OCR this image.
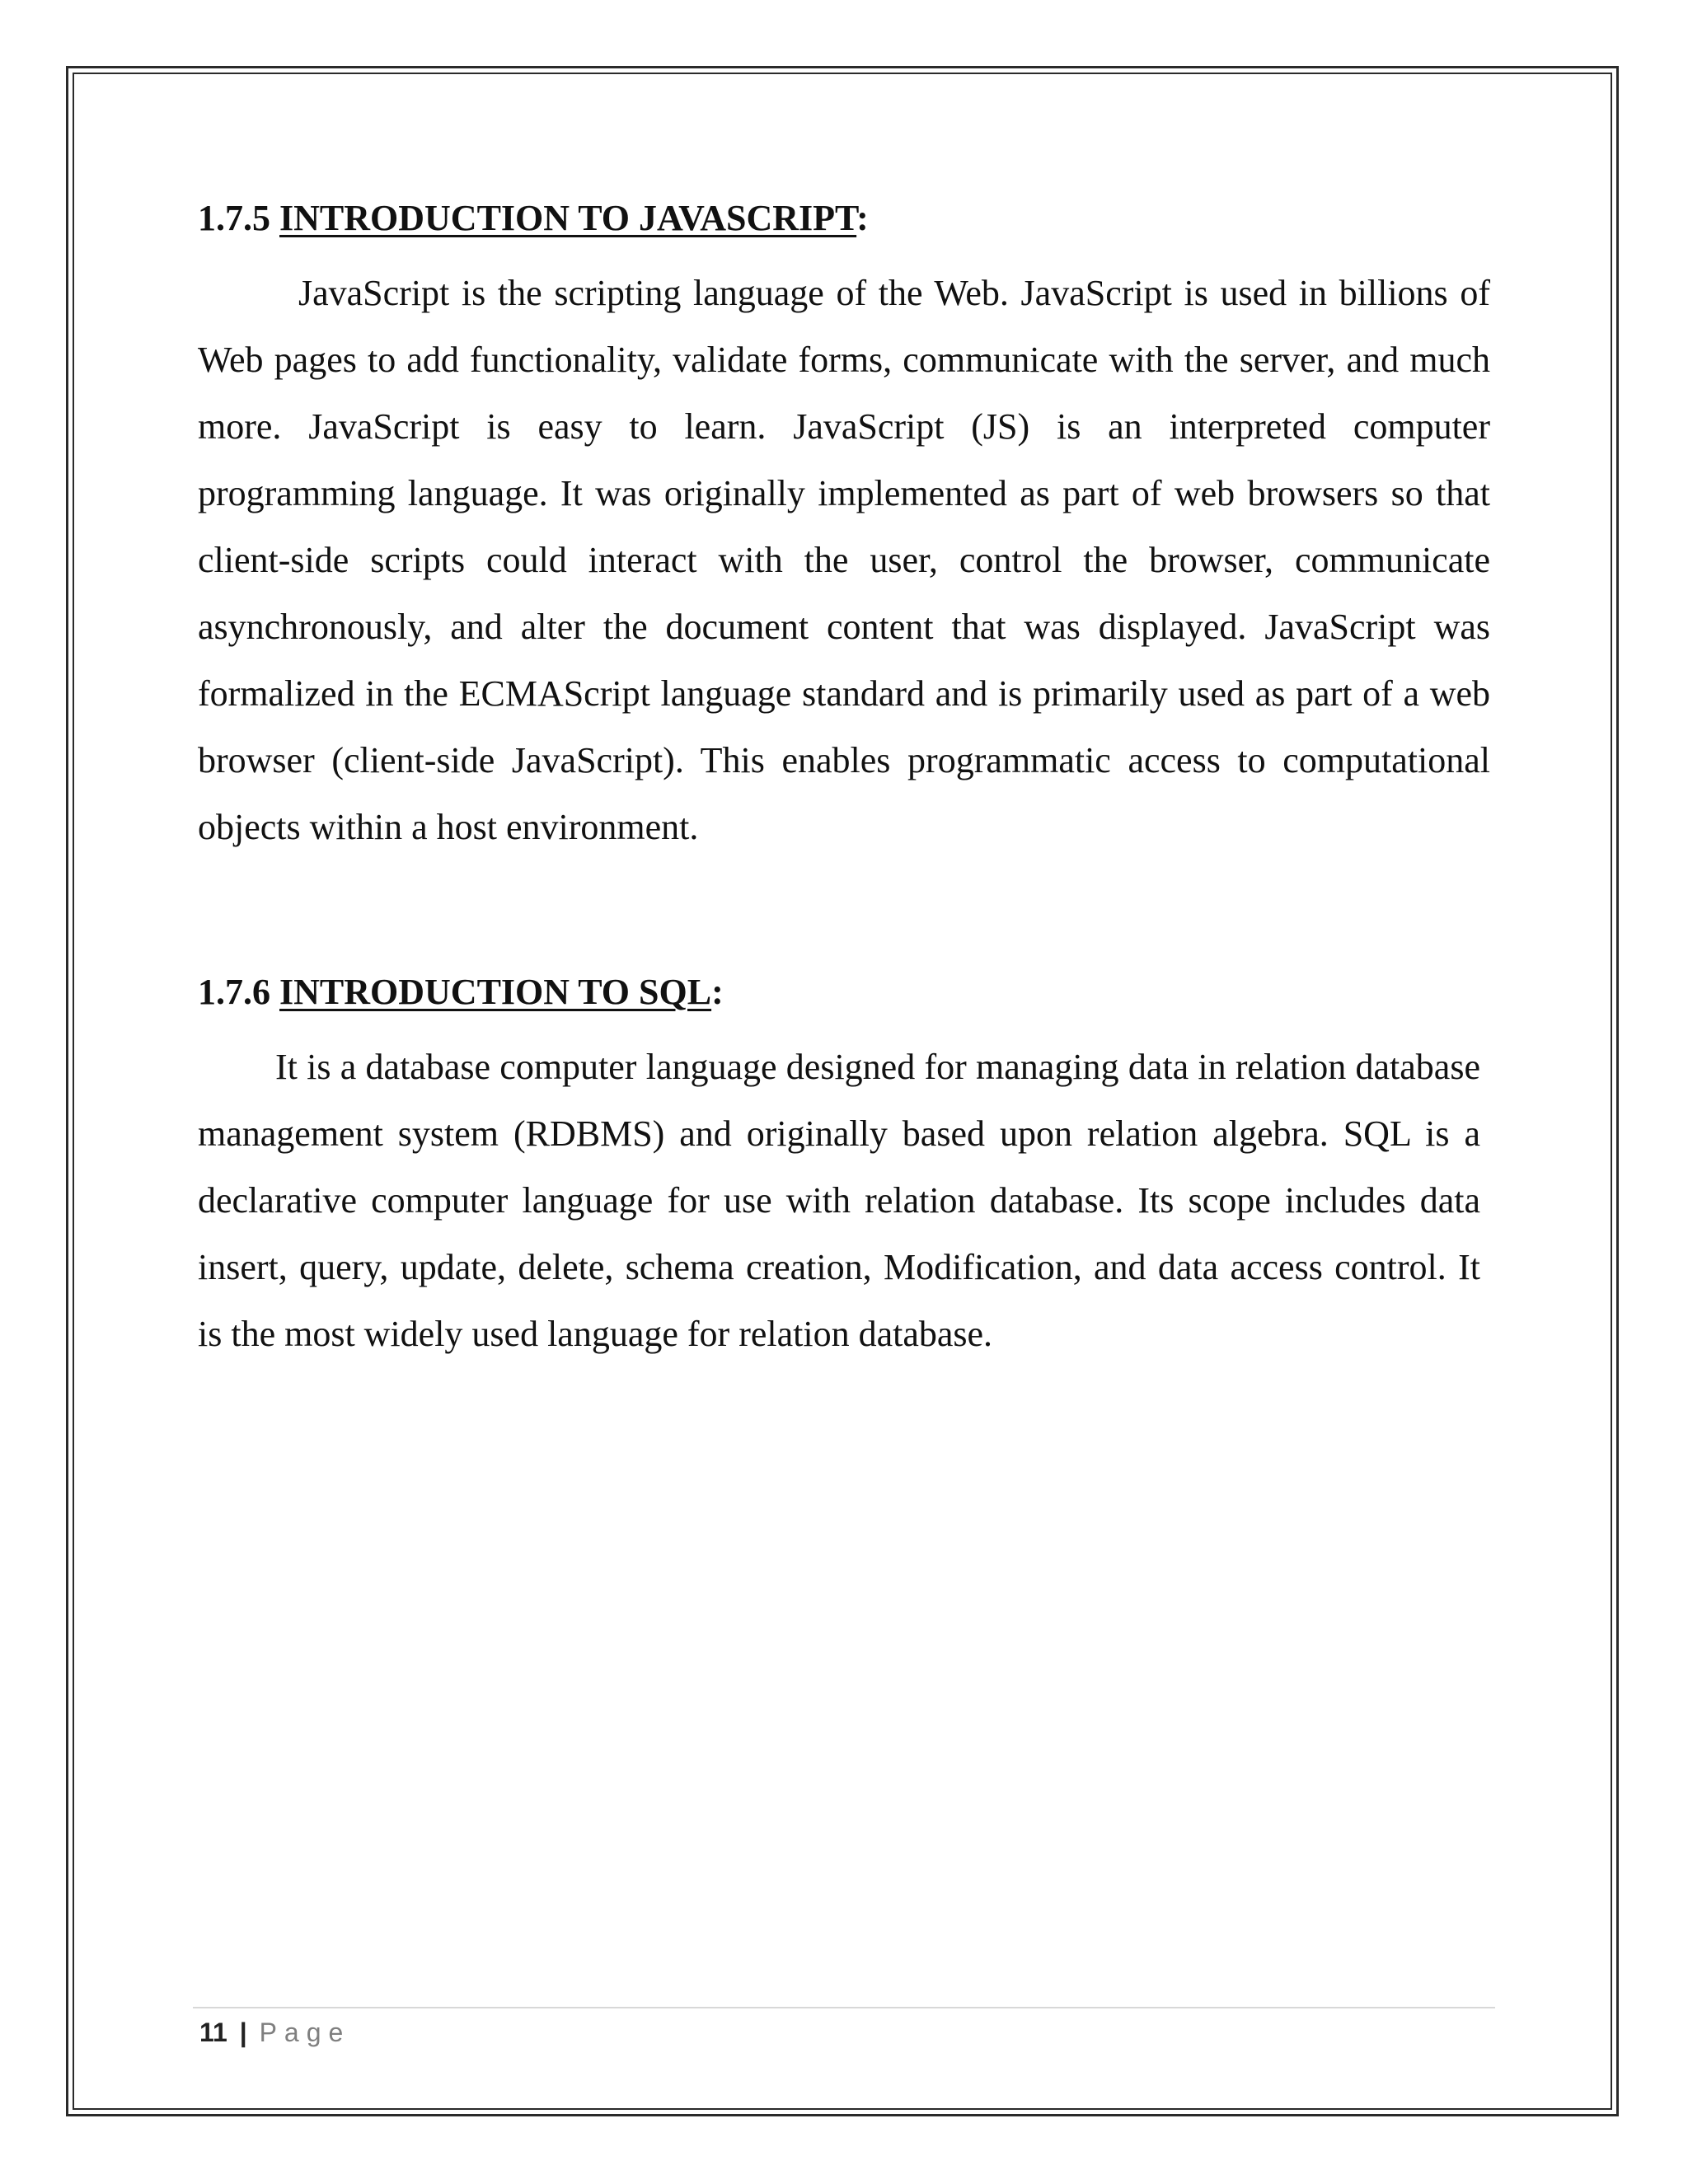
1.7.5 INTRODUCTION TO JAVASCRIPT:

JavaScript is the scripting language of the Web. JavaScript is used in billions of Web pages to add functionality, validate forms, communicate with the server, and much more. JavaScript is easy to learn. JavaScript (JS) is an interpreted computer programming language. It was originally implemented as part of web browsers so that client-side scripts could interact with the user, control the browser, communicate asynchronously, and alter the document content that was displayed. JavaScript was formalized in the ECMAScript language standard and is primarily used as part of a web browser (client-side JavaScript). This enables programmatic access to computational objects within a host environment.

1.7.6 INTRODUCTION TO SQL:

It is a database computer language designed for managing data in relation database management system (RDBMS) and originally based upon relation algebra. SQL is a declarative computer language for use with relation database. Its scope includes data insert, query, update, delete, schema creation, Modification, and data access control. It is the most widely used language for relation database.

11 | Page
